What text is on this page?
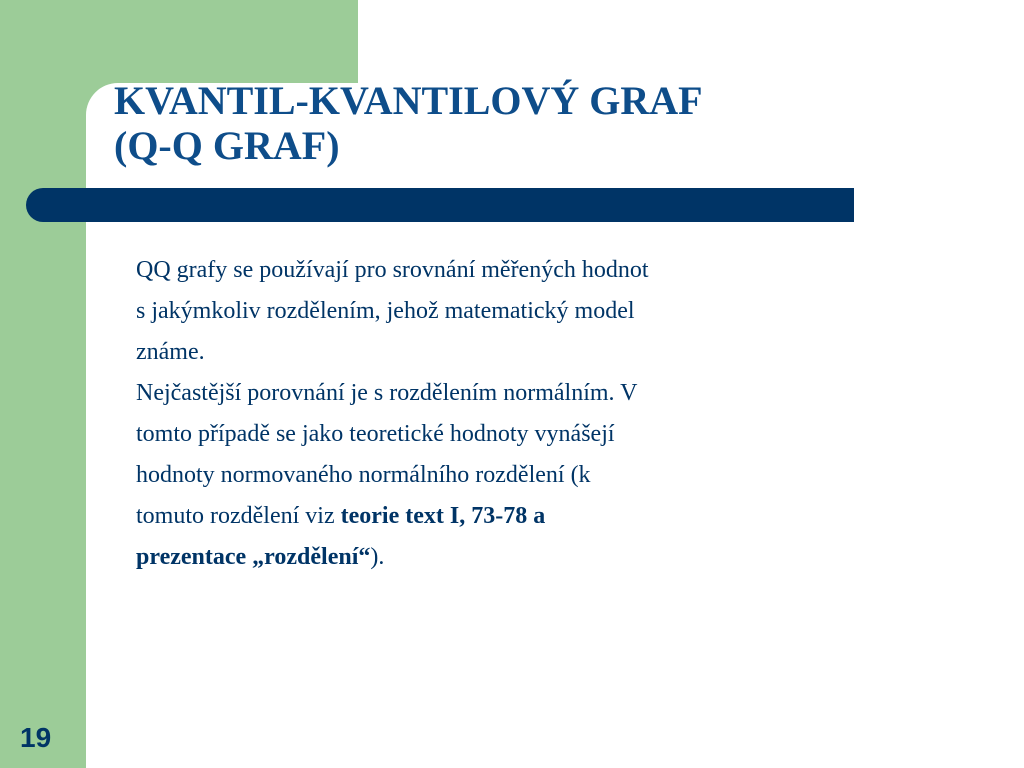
KVANTIL-KVANTILOVÝ GRAF
(Q-Q GRAF)
QQ grafy se používají pro srovnání měřených hodnot
s jakýmkoliv rozdělením, jehož matematický model
známe.
Nejčastější porovnání je s rozdělením normálním. V
tomto případě se jako teoretické hodnoty vynášejí
hodnoty normovaného normálního rozdělení (k
tomuto rozdělení viz teorie text I, 73-78 a
prezentace „rozdělení“).
19
